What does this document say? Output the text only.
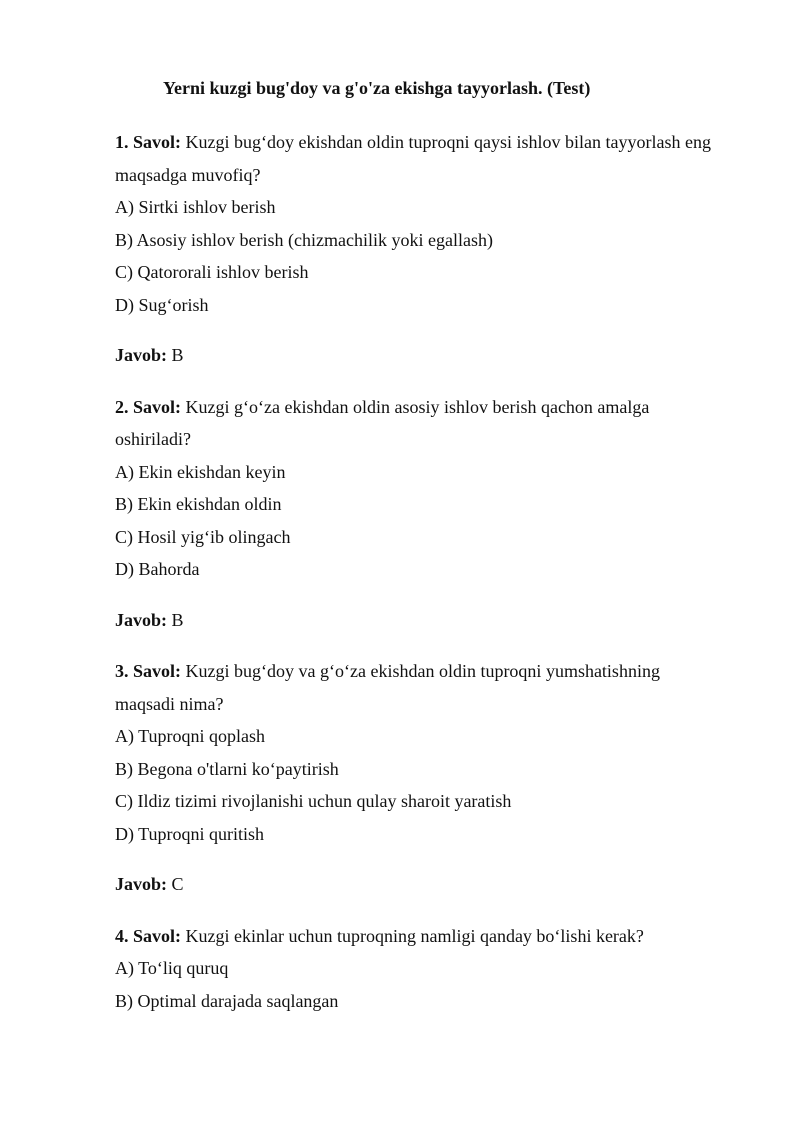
Yerni kuzgi bug'doy va g'o'za ekishga tayyorlash. (Test)

1. Savol: Kuzgi bug‘doy ekishdan oldin tuproqni qaysi ishlov bilan tayyorlash eng maqsadga muvofiq?

A) Sirtki ishlov berish

B) Asosiy ishlov berish (chizmachilik yoki egallash)

C) Qatororali ishlov berish

D) Sug‘orish

Javob: B

2. Savol: Kuzgi g‘o‘za ekishdan oldin asosiy ishlov berish qachon amalga oshiriladi?

A) Ekin ekishdan keyin

B) Ekin ekishdan oldin

C) Hosil yig‘ib olingach

D) Bahorda

Javob: B

3. Savol: Kuzgi bug‘doy va g‘o‘za ekishdan oldin tuproqni yumshatishning maqsadi nima?

A) Tuproqni qoplash

B) Begona o'tlarni ko‘paytirish

C) Ildiz tizimi rivojlanishi uchun qulay sharoit yaratish

D) Tuproqni quritish

Javob: C

4. Savol: Kuzgi ekinlar uchun tuproqning namligi qanday bo‘lishi kerak?

A) To‘liq quruq

B) Optimal darajada saqlangan
